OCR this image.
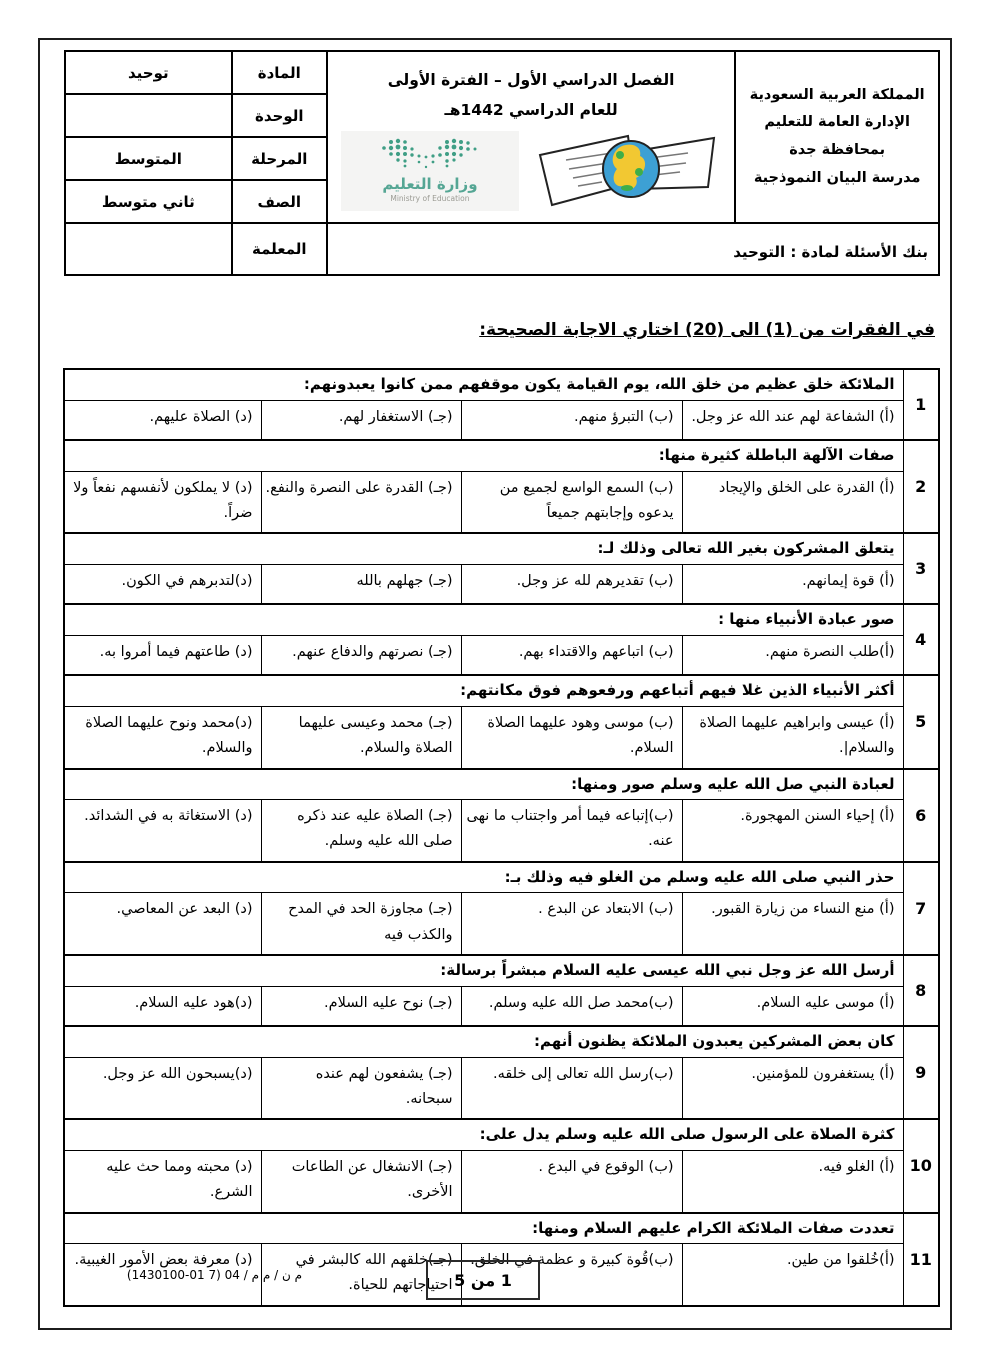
المملكة العربية السعودية
الإدارة العامة للتعليم
بمحافظة جدة
مدرسة البيان النموذجية

الفصل الدراسي الأول – الفترة الأولى
للعام الدراسي 1442هـ
وزارة التعليم
Ministry of Education
	المادة	توحيد
		الوحدة	
		المرحلة	المتوسط
		الصف	ثاني متوسط
بنك الأسئلة لمادة : التوحيد		المعلمة	
في الفقرات من (1) الى (20) اختاري الاجابة الصحيحة:
1	الملائكة خلق عظيم من خلق الله، يوم القيامة يكون موقفهم ممن كانوا يعبدونهم:			
	(أ) الشفاعة لهم عند الله عز وجل.	(ب) التبرؤ منهم.	(جـ) الاستغفار لهم.	(د) الصلاة عليهم.
2	صفات الآلهة الباطلة كثيرة منها:			
	(أ) القدرة على الخلق والإيجاد	(ب) السمع الواسع لجميع من يدعوه وإجابتهم جميعاً	(جـ) القدرة على النصرة والنفع.	(د) لا يملكون لأنفسهم نفعاً ولا ضراً.
3	يتعلق المشركون بغير الله تعالى وذلك لـ:			
	(أ) قوة إيمانهم.	(ب) تقديرهم لله عز وجل.	(جـ) جهلهم بالله	(د)لتدبرهم في الكون.
4	صور عبادة الأنبياء منها :			
	(أ)طلب النصرة منهم.	(ب) اتباعهم والاقتداء بهم.	(جـ) نصرتهم والدفاع عنهم.	(د) طاعتهم فيما أمروا به.
5	أكثر الأنبياء الذين غلا فيهم أتباعهم ورفعوهم فوق مكانتهم:			
	(أ) عيسى وابراهيم عليهما الصلاة والسلام|.	(ب) موسى وهود عليهما الصلاة السلام.	(جـ) محمد وعيسى عليهما الصلاة والسلام.	(د)محمد ونوح عليهما الصلاة والسلام.
6	لعبادة النبي صل الله عليه وسلم صور ومنها:			
	(أ) إحياء السنن المهجورة.	(ب)إتباعه فيما أمر واجتناب ما نهى عنه.	(جـ) الصلاة عليه عند ذكره صلى الله عليه وسلم.	(د) الاستغاثة به في الشدائد.
7	حذر النبي صلى الله عليه وسلم من الغلو فيه وذلك بـ:			
	(أ) منع النساء من زيارة القبور.	(ب) الابتعاد عن البدع .	(جـ) مجاوزة الحد في المدح والكذب فيه	(د) البعد عن المعاصي.
8	أرسل الله عز وجل نبي الله عيسى عليه السلام مبشراً برسالة:			
	(أ) موسى عليه السلام.	(ب)محمد صل الله عليه وسلم.	(جـ) نوح عليه السلام.	(د)هود عليه السلام.
9	كان بعض المشركين يعبدون الملائكة يظنون أنهم:			
	(أ) يستغفرون للمؤمنين.	(ب)رسل الله تعالى إلى خلقه.	(جـ) يشفعون لهم عنده سبحانه.	(د)يسبحون الله عز وجل.
10	كثرة الصلاة على الرسول صلى الله عليه وسلم يدل على:			
	(أ) الغلو فيه.	(ب) الوقوع في البدع .	(جـ) الانشغال عن الطاعات الأخرى.	(د) محبته ومما حث عليه الشرع.
11	تعددت صفات الملائكة الكرام عليهم السلام ومنها:			
	(أ)خُلقوا من طين.	(ب)قُوة كبيرة و عظمة في الخلق.	(جـ)خلقهم الله كالبشر في احتياجاتهم للحياة.	(د) معرفة بعض الأمور الغيبية.
م ن / م م / 04 (7 01-1430100)	1 من 5
